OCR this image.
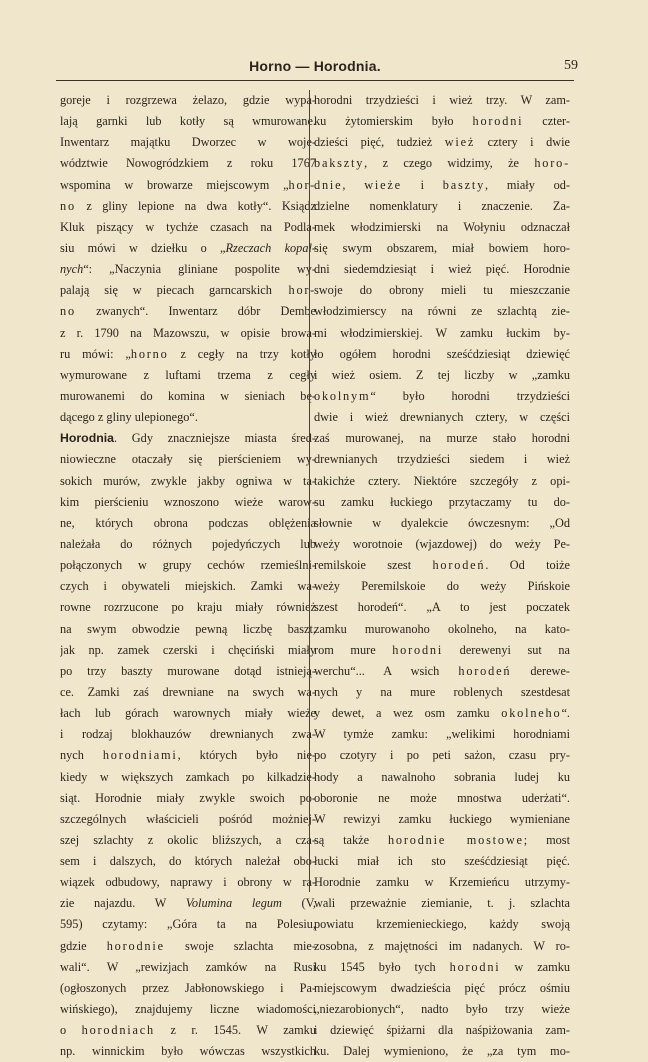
Horno — Horodnia.	59
goreje i rozgrzewa żelazo, gdzie wypa-
lają garnki lub kotły są wmurowane.
Inwentarz majątku Dworzec w woje-
wództwie Nowogródzkiem z roku 1767
wspomina w browarze miejscowym „hor-
no z gliny lepione na dwa kotły“. Ksiądz
Kluk piszący w tychże czasach na Podla-
siu mówi w dziełku o „Rzeczach kopal-
nych“: „Naczynia gliniane pospolite wy-
palają się w piecach garncarskich hor-
no zwanych“. Inwentarz dóbr Dembe
z r. 1790 na Mazowszu, w opisie browa-
ru mówi: „horno z cegły na trzy kotły
wymurowane z luftami trzema z cegły
murowanemi do komina w sieniach bę-
dącego z gliny ulepionego“.
Horodnia. Gdy znaczniejsze miasta śred-
niowieczne otaczały się pierścieniem wy-
sokich murów, zwykle jakby ogniwa w ta-
kim pierścieniu wznoszono wieże warow-
ne, których obrona podczas oblężenia
należała do różnych pojedyńczych lub
połączonych w grupy cechów rzemieślni-
czych i obywateli miejskich. Zamki wa-
rowne rozrzucone po kraju miały również
na swym obwodzie pewną liczbę baszt,
jak np. zamek czerski i chęciński miały
po trzy baszty murowane dotąd istnieją-
ce. Zamki zaś drewniane na swych wa-
łach lub górach warownych miały wieże
i rodzaj blokhauzów drewnianych zwa-
nych horodniami, których było nie-
kiedy w większych zamkach po kilkadzie-
siąt. Horodnie miały zwykle swoich po-
szczególnych właścicieli pośród możniej-
szej szlachty z okolic bliższych, a cza-
sem i dalszych, do których należał obo-
wiązek odbudowy, naprawy i obrony w ra-
zie najazdu. W Volumina legum (V,
595) czytamy: „Góra ta na Polesiu,
gdzie horodnie swoje szlachta mie-
wali“. W „rewizjach zamków na Rusi
(ogłoszonych przez Jabłonowskiego i Pa-
wińskiego), znajdujemy liczne wiadomości
o horodniach z r. 1545. W zamku
np. winnickim było wówczas wszystkich
horodni trzydzieści i wież trzy. W zam-
ku żytomierskim było horodni czter-
dzieści pięć, tudzież wież cztery i dwie
bakszty, z czego widzimy, że horo-
dnie, wieże i baszty, miały od-
dzielne nomenklatury i znaczenie. Za-
mek włodzimierski na Wołyniu odznaczał
się swym obszarem, miał bowiem horo-
dni siedemdziesiąt i wież pięć. Horodnie
swoje do obrony mieli tu mieszczanie
włodzimierscy na równi ze szlachtą zie-
mi włodzimierskiej. W zamku łuckim by-
ło ogółem horodni sześćdziesiąt dziewięć
i wież osiem. Z tej liczby w „zamku
okolnym“ było horodni trzydzieści
dwie i wież drewnianych cztery, w części
zaś murowanej, na murze stało horodni
drewnianych trzydzieści siedem i wież
takichże cztery. Niektóre szczegóły z opi-
su zamku łuckiego przytaczamy tu do-
słownie w dyalekcie ówczesnym: „Od
weży worotnoie (wjazdowej) do weży Pe-
remilskoie szest horodeń. Od toiże
weży Peremilskoie do weży Pińskoie
szest horodeń“. „A to jest poczatek
zamku murowanoho okolneho, na kato-
rom mure horodni derewenyi sut na
werchu“... A wsich horodeń derewe-
nych y na mure roblenych szestdesat
y dewet, a wez osm zamku okolneho“.
W tymże zamku: „welikimi horodniami
po czotyry i po peti sażon, czasu pry-
hody a nawalnoho sobrania ludej ku
oboronie ne może mnostwa uderżati“.
W rewizyi zamku łuckiego wymieniane
są także horodnie mostowe; most
łucki miał ich sto sześćdziesiąt pięć.
Horodnie zamku w Krzemieńcu utrzymy-
wali przeważnie ziemianie, t. j. szlachta
powiatu krzemienieckiego, każdy swoją
zosobna, z majętności im nadanych. W ro-
ku 1545 było tych horodni w zamku
miejscowym dwadzieścia pięć prócz ośmiu
„niezarobionych“, nadto było trzy wieże
i dziewięć śpiżarni dla naśpiżowania zam-
ku. Dalej wymieniono, że „za tym mo-
